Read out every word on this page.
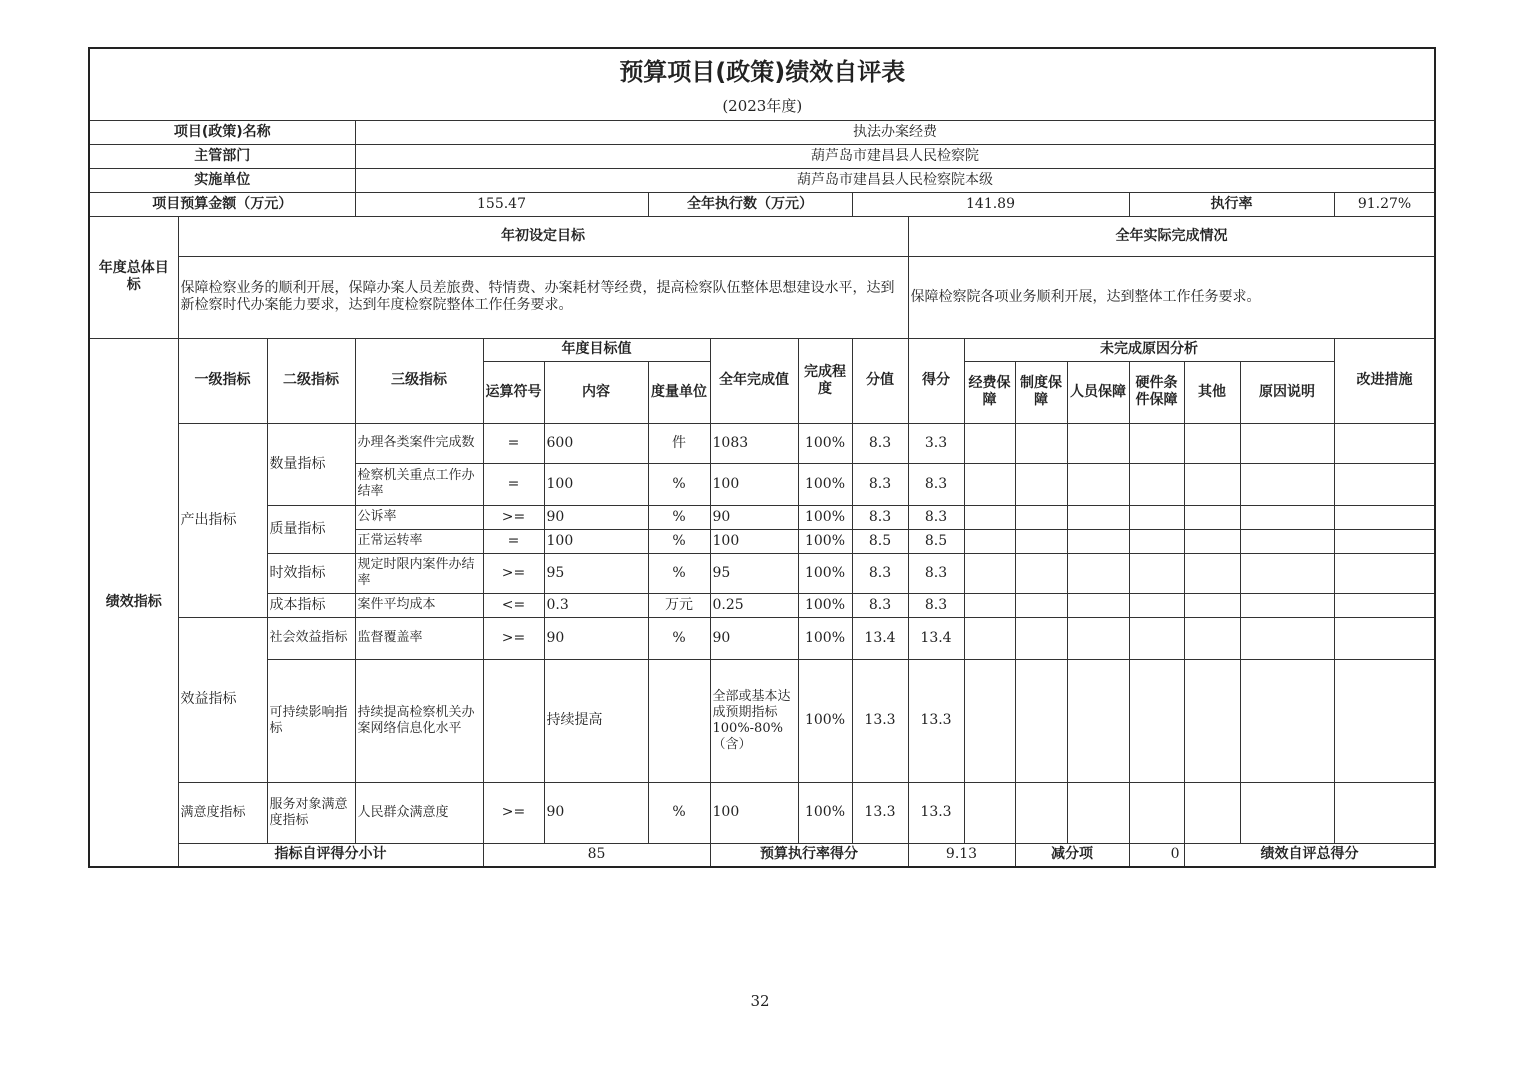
预算项目(政策)绩效自评表																		
(2023年度)																		
项目(政策)名称			执法办案经费															
主管部门			葫芦岛市建昌县人民检察院															
实施单位			葫芦岛市建昌县人民检察院本级															
项目预算金额（万元）			155.47			全年执行数（万元）			141.89					执行率			91.27%	
年度总体目标	年初设定目标									全年实际完成情况								
	保障检察业务的顺利开展，保障办案人员差旅费、特情费、办案耗材等经费，提高检察队伍整体思想建设水平，达到新检察时代办案能力要求，达到年度检察院整体工作任务要求。									保障检察院各项业务顺利开展，达到整体工作任务要求。								
绩效指标	一级指标	二级指标	三级指标	年度目标值			全年完成值	完成程度	分值	得分	未完成原因分析						改进措施	
				运算符号	内容	度量单位					经费保障	制度保障	人员保障	硬件条件保障	其他	原因说明		
	产出指标	数量指标	办理各类案件完成数	=	600	件	1083	100%	8.3	3.3								
			检察机关重点工作办结率	=	100	%	100	100%	8.3	8.3								
		质量指标	公诉率	>=	90	%	90	100%	8.3	8.3								
			正常运转率	=	100	%	100	100%	8.5	8.5								
		时效指标	规定时限内案件办结率	>=	95	%	95	100%	8.3	8.3								
		成本指标	案件平均成本	<=	0.3	万元	0.25	100%	8.3	8.3								
	效益指标	社会效益指标	监督覆盖率	>=	90	%	90	100%	13.4	13.4								
		可持续影响指标	持续提高检察机关办案网络信息化水平		持续提高		全部或基本达成预期指标100%-80%（含）	100%	13.3	13.3								
	满意度指标	服务对象满意度指标	人民群众满意度	>=	90	%	100	100%	13.3	13.3								
	指标自评得分小计			85			预算执行率得分			9.13		减分项		0	绩效自评总得分	
32
